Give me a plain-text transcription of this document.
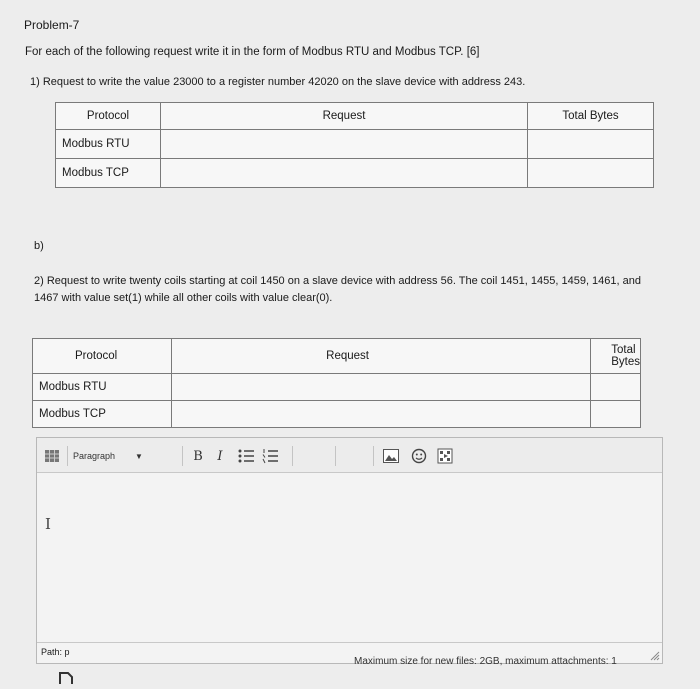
Problem-7
For each of the following request write it in the form of Modbus RTU and Modbus TCP. [6]
1) Request to write the value 23000 to a register number 42020 on the slave device with address 243.
Protocol	Request	Total Bytes
Modbus RTU		
Modbus TCP		
b)
2) Request to write twenty coils starting at coil 1450 on a slave device with address 56. The coil 1451, 1455, 1459, 1461, and
1467 with value set(1) while all other coils with value clear(0).
Protocol	Request	Total Bytes
Modbus RTU		
Modbus TCP		
Paragraph	▼	B	I
I
Path: p
Maximum size for new files: 2GB, maximum attachments: 1
